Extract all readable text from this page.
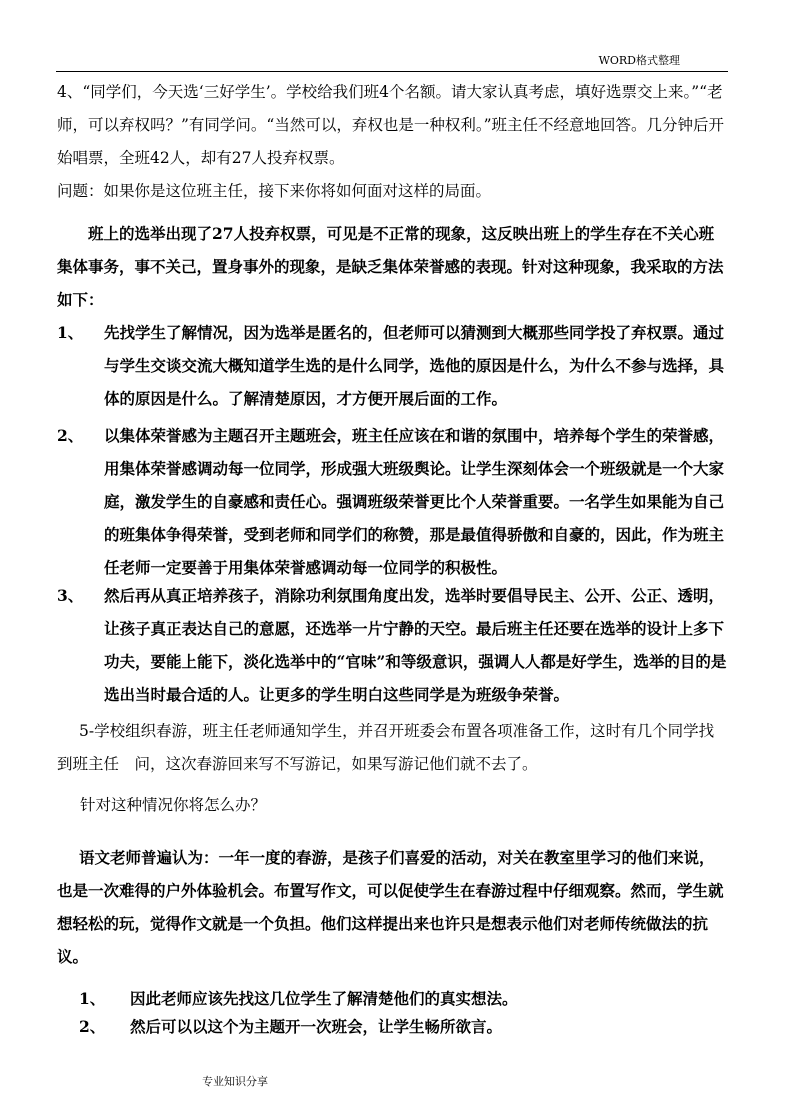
WORD格式整理

4、“同学们，今天选‘三好学生’。学校给我们班4个名额。请大家认真考虑，填好选票交上来。”“老师，可以弃权吗？”有同学问。“当然可以，弃权也是一种权利。”班主任不经意地回答。几分钟后开始唱票，全班42人，却有27人投弃权票。

问题：如果你是这位班主任，接下来你将如何面对这样的局面。

班上的选举出现了27人投弃权票，可见是不正常的现象，这反映出班上的学生存在不关心班集体事务，事不关己，置身事外的现象，是缺乏集体荣誉感的表现。针对这种现象，我采取的方法如下：

1、 先找学生了解情况，因为选举是匿名的，但老师可以猜测到大概那些同学投了弃权票。通过与学生交谈交流大概知道学生选的是什么同学，选他的原因是什么，为什么不参与选择，具体的原因是什么。了解清楚原因，才方便开展后面的工作。
2、 以集体荣誉感为主题召开主题班会，班主任应该在和谐的氛围中，培养每个学生的荣誉感，用集体荣誉感调动每一位同学，形成强大班级舆论。让学生深刻体会一个班级就是一个大家庭，激发学生的自豪感和责任心。强调班级荣誉更比个人荣誉重要。一名学生如果能为自己的班集体争得荣誉，受到老师和同学们的称赞，那是最值得骄傲和自豪的，因此，作为班主任老师一定要善于用集体荣誉感调动每一位同学的积极性。
3、 然后再从真正培养孩子，消除功利氛围角度出发，选举时要倡导民主、公开、公正、透明，让孩子真正表达自己的意愿，还选举一片宁静的天空。最后班主任还要在选举的设计上多下功夫，要能上能下，淡化选举中的“官味”和等级意识，强调人人都是好学生，选举的目的是选出当时最合适的人。让更多的学生明白这些同学是为班级争荣誉。

5-学校组织春游，班主任老师通知学生，并召开班委会布置各项准备工作，这时有几个同学找到班主任　问，这次春游回来写不写游记，如果写游记他们就不去了。

针对这种情况你将怎么办？

语文老师普遍认为：一年一度的春游，是孩子们喜爱的活动，对关在教室里学习的他们来说，也是一次难得的户外体验机会。布置写作文，可以促使学生在春游过程中仔细观察。然而，学生就想轻松的玩，觉得作文就是一个负担。他们这样提出来也许只是想表示他们对老师传统做法的抗议。

1、 因此老师应该先找这几位学生了解清楚他们的真实想法。
2、 然后可以以这个为主题开一次班会，让学生畅所欲言。
专业知识分享
